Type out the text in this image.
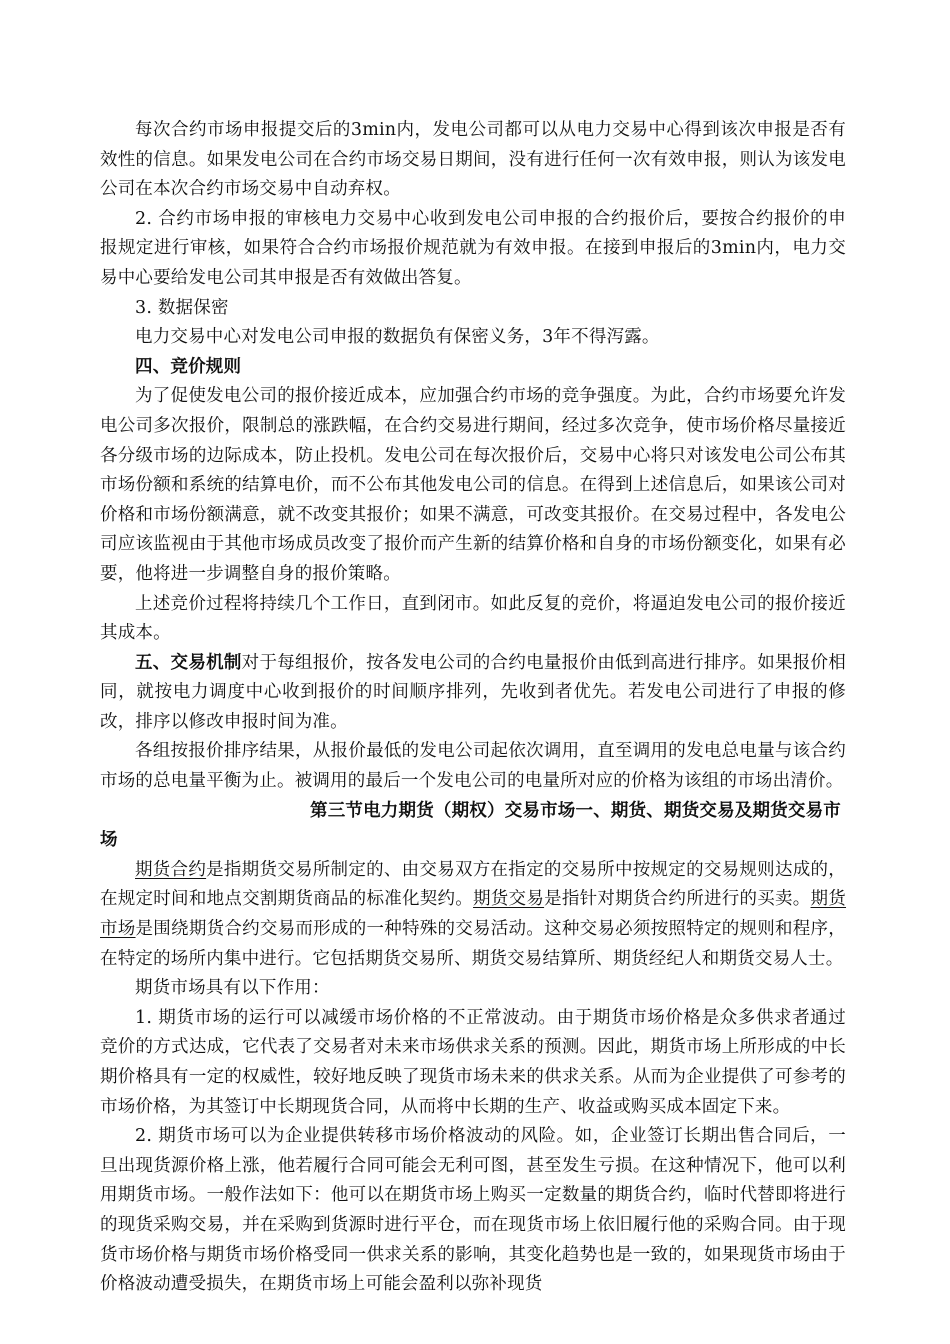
每次合约市场申报提交后的3min内，发电公司都可以从电力交易中心得到该次申报是否有效性的信息。如果发电公司在合约市场交易日期间，没有进行任何一次有效申报，则认为该发电公司在本次合约市场交易中自动弃权。

2. 合约市场申报的审核电力交易中心收到发电公司申报的合约报价后，要按合约报价的申报规定进行审核，如果符合合约市场报价规范就为有效申报。在接到申报后的3min内，电力交易中心要给发电公司其申报是否有效做出答复。

3. 数据保密

电力交易中心对发电公司申报的数据负有保密义务，3年不得泻露。

四、竞价规则

为了促使发电公司的报价接近成本，应加强合约市场的竞争强度。为此，合约市场要允许发电公司多次报价，限制总的涨跌幅，在合约交易进行期间，经过多次竞争，使市场价格尽量接近各分级市场的边际成本，防止投机。发电公司在每次报价后，交易中心将只对该发电公司公布其市场份额和系统的结算电价，而不公布其他发电公司的信息。在得到上述信息后，如果该公司对价格和市场份额满意，就不改变其报价；如果不满意，可改变其报价。在交易过程中，各发电公司应该监视由于其他市场成员改变了报价而产生新的结算价格和自身的市场份额变化，如果有必要，他将进一步调整自身的报价策略。

上述竞价过程将持续几个工作日，直到闭市。如此反复的竞价，将逼迫发电公司的报价接近其成本。

五、交易机制对于每组报价，按各发电公司的合约电量报价由低到高进行排序。如果报价相同，就按电力调度中心收到报价的时间顺序排列，先收到者优先。若发电公司进行了申报的修改，排序以修改申报时间为准。

各组按报价排序结果，从报价最低的发电公司起依次调用，直至调用的发电总电量与该合约市场的总电量平衡为止。被调用的最后一个发电公司的电量所对应的价格为该组的市场出清价。

第三节电力期货（期权）交易市场一、期货、期货交易及期货交易市场

期货合约是指期货交易所制定的、由交易双方在指定的交易所中按规定的交易规则达成的，在规定时间和地点交割期货商品的标准化契约。期货交易是指针对期货合约所进行的买卖。期货市场是围绕期货合约交易而形成的一种特殊的交易活动。这种交易必须按照特定的规则和程序，在特定的场所内集中进行。它包括期货交易所、期货交易结算所、期货经纪人和期货交易人士。

期货市场具有以下作用：

1. 期货市场的运行可以减缓市场价格的不正常波动。由于期货市场价格是众多供求者通过竞价的方式达成，它代表了交易者对未来市场供求关系的预测。因此，期货市场上所形成的中长期价格具有一定的权威性，较好地反映了现货市场未来的供求关系。从而为企业提供了可参考的市场价格，为其签订中长期现货合同，从而将中长期的生产、收益或购买成本固定下来。

2. 期货市场可以为企业提供转移市场价格波动的风险。如，企业签订长期出售合同后，一旦出现货源价格上涨，他若履行合同可能会无利可图，甚至发生亏损。在这种情况下，他可以利用期货市场。一般作法如下：他可以在期货市场上购买一定数量的期货合约，临时代替即将进行的现货采购交易，并在采购到货源时进行平仓，而在现货市场上依旧履行他的采购合同。由于现货市场价格与期货市场价格受同一供求关系的影响，其变化趋势也是一致的，如果现货市场由于价格波动遭受损失，在期货市场上可能会盈利以弥补现货
